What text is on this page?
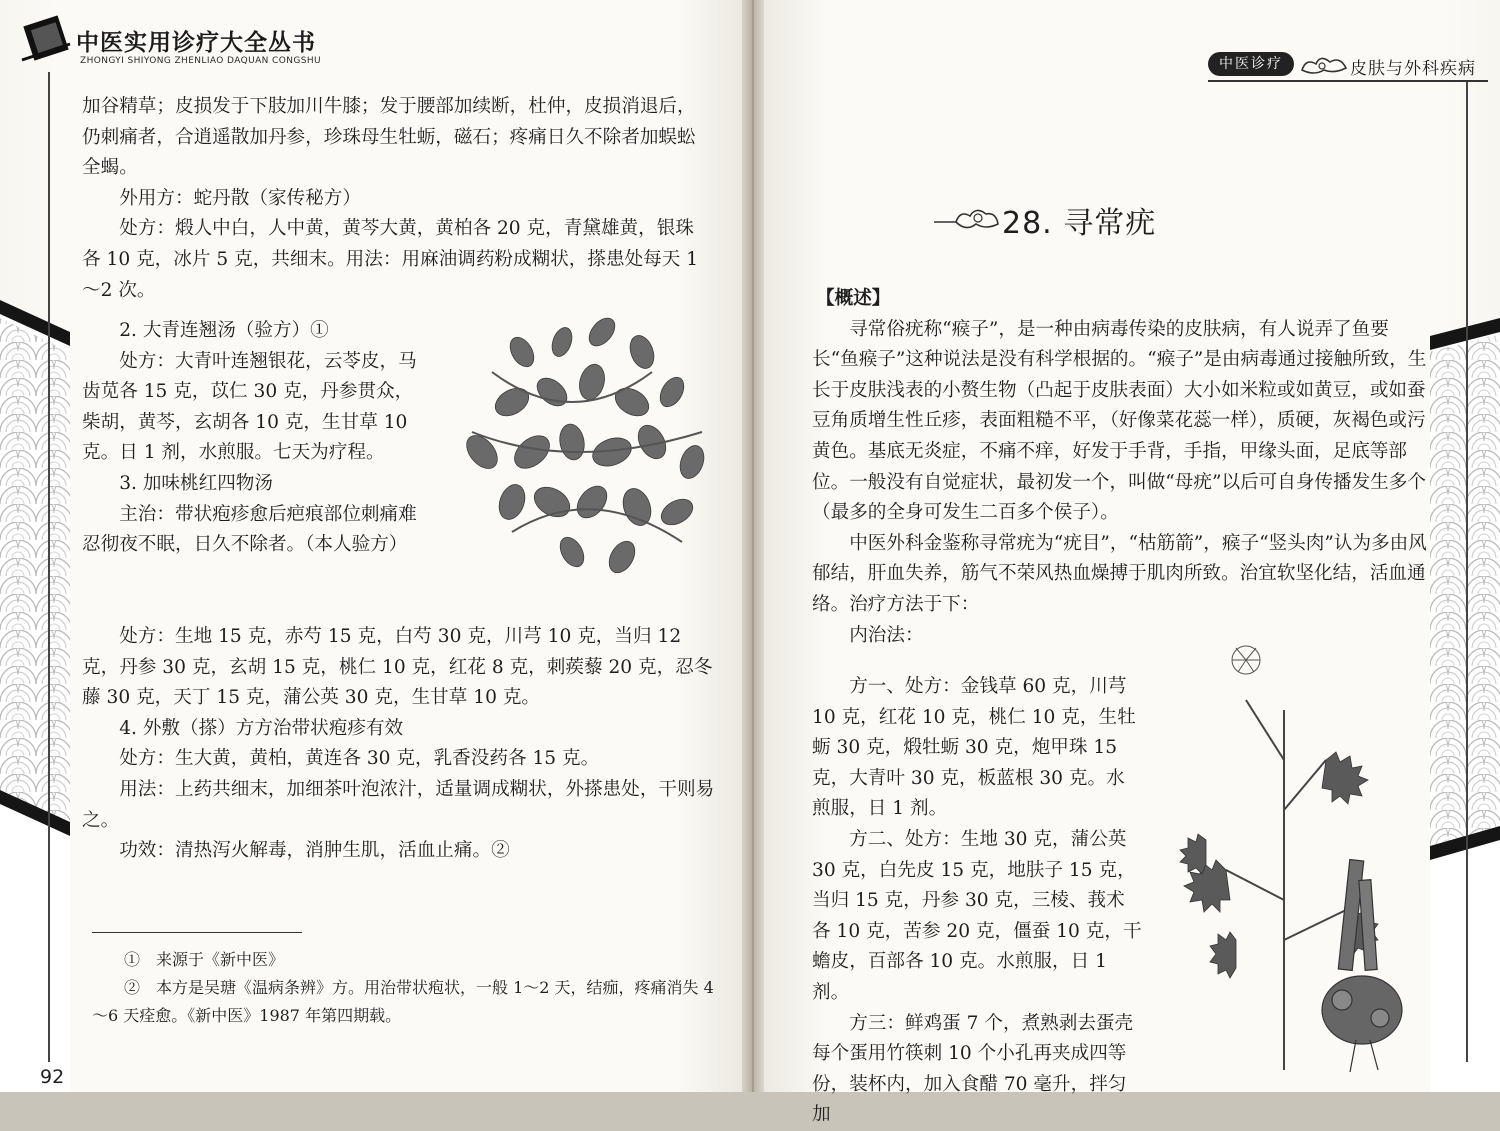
中医实用诊疗大全丛书
ZHONGYI SHIYONG ZHENLIAO DAQUAN CONGSHU

加谷精草；皮损发于下肢加川牛膝；发于腰部加续断，杜仲，皮损消退后，仍刺痛者，合逍遥散加丹参，珍珠母生牡蛎，磁石；疼痛日久不除者加蜈蚣全蝎。

外用方：蛇丹散（家传秘方）

处方：煅人中白，人中黄，黄芩大黄，黄柏各 20 克，青黛雄黄，银珠各 10 克，冰片 5 克，共细末。用法：用麻油调药粉成糊状，搽患处每天 1～2 次。

2. 大青连翘汤（验方）①

处方：大青叶连翘银花，云苓皮，马齿苋各 15 克，苡仁 30 克，丹参贯众，柴胡，黄芩，玄胡各 10 克，生甘草 10 克。日 1 剂，水煎服。七天为疗程。

3. 加味桃红四物汤

主治：带状疱疹愈后疤痕部位刺痛难忍彻夜不眠，日久不除者。（本人验方）

处方：生地 15 克，赤芍 15 克，白芍 30 克，川芎 10 克，当归 12 克，丹参 30 克，玄胡 15 克，桃仁 10 克，红花 8 克，刺蒺藜 20 克，忍冬藤 30 克，天丁 15 克，蒲公英 30 克，生甘草 10 克。

4. 外敷（搽）方方治带状疱疹有效

处方：生大黄，黄柏，黄连各 30 克，乳香没药各 15 克。

用法：上药共细末，加细茶叶泡浓汁，适量调成糊状，外搽患处，干则易之。

功效：清热泻火解毒，消肿生肌，活血止痛。②

①　来源于《新中医》

②　本方是吴瑭《温病条辨》方。用治带状疱状，一般 1～2 天，结痂，疼痛消失 4～6 天痊愈。《新中医》1987 年第四期载。

92
中医诊疗	皮肤与外科疾病
28. 寻常疣

【概述】

寻常俗疣称“瘊子”，是一种由病毒传染的皮肤病，有人说弄了鱼要长“鱼瘊子”这种说法是没有科学根据的。“瘊子”是由病毒通过接触所致，生长于皮肤浅表的小赘生物（凸起于皮肤表面）大小如米粒或如黄豆，或如蚕豆角质增生性丘疹，表面粗糙不平，（好像菜花蕊一样），质硬，灰褐色或污黄色。基底无炎症，不痛不痒，好发于手背，手指，甲缘头面，足底等部位。一般没有自觉症状，最初发一个，叫做“母疣”以后可自身传播发生多个（最多的全身可发生二百多个侯子）。

中医外科金鉴称寻常疣为“疣目”，“枯筋箭”，瘊子“竖头肉”认为多由风郁结，肝血失养，筋气不荣风热血燥搏于肌肉所致。治宜软坚化结，活血通络。治疗方法于下：

内治法：

方一、处方：金钱草 60 克，川芎 10 克，红花 10 克，桃仁 10 克，生牡蛎 30 克，煅牡蛎 30 克，炮甲珠 15 克，大青叶 30 克，板蓝根 30 克。水煎服，日 1 剂。

方二、处方：生地 30 克，蒲公英 30 克，白先皮 15 克，地肤子 15 克，当归 15 克，丹参 30 克，三棱、莪术各 10 克，苦参 20 克，僵蚕 10 克，干蟾皮，百部各 10 克。水煎服，日 1 剂。

方三：鲜鸡蛋 7 个，煮熟剥去蛋壳每个蛋用竹筷刺 10 个小孔再夹成四等份，装杯内，加入食醋 70 毫升，拌匀加
